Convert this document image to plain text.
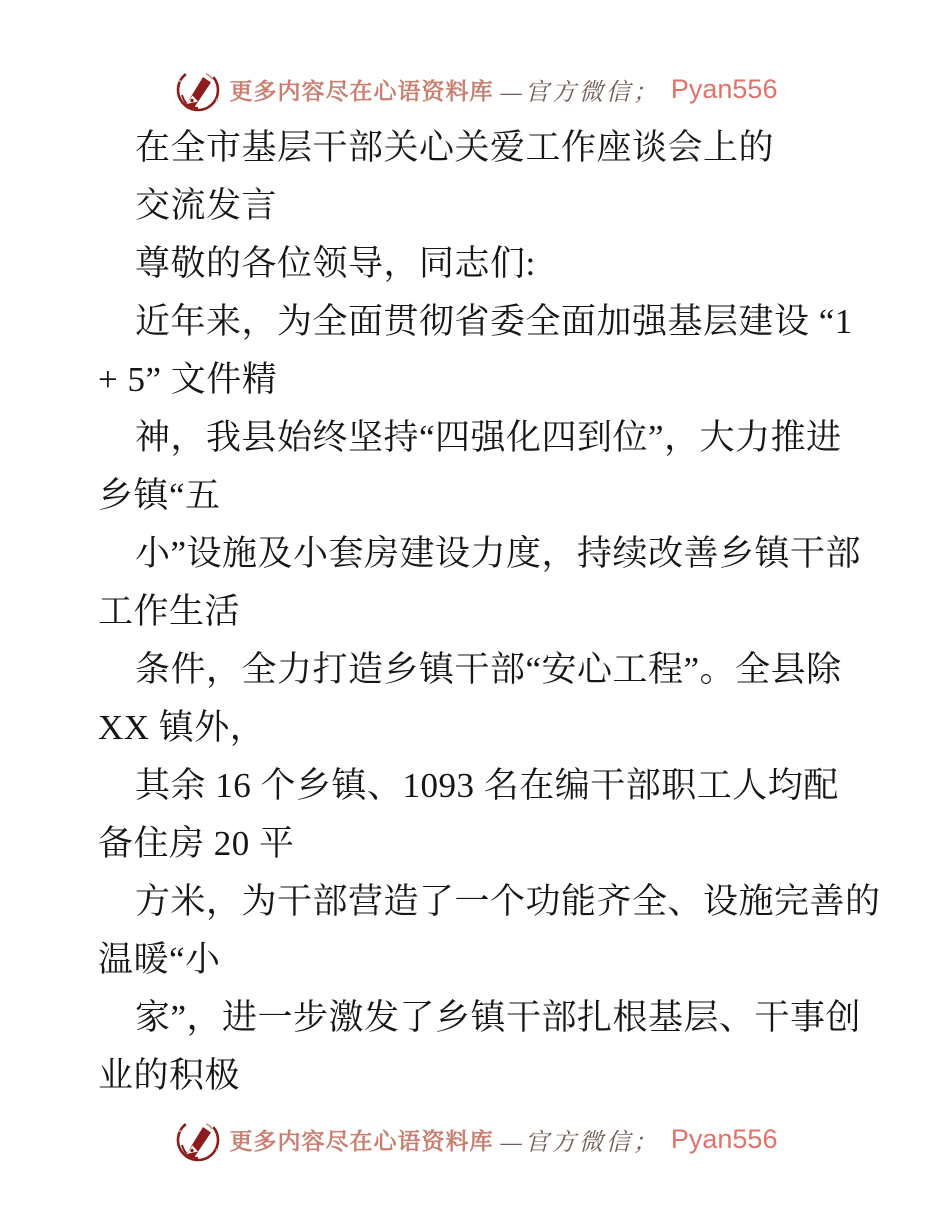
更多内容尽在心语资料库 —官方微信； Pyan556

在全市基层干部关心关爱工作座谈会上的

交流发言

尊敬的各位领导，同志们:

近年来，为全面贯彻省委全面加强基层建设 “1

+ 5” 文件精

神，我县始终坚持“四强化四到位”，大力推进

乡镇“五

小”设施及小套房建设力度，持续改善乡镇干部

工作生活

条件，全力打造乡镇干部“安心工程”。全县除

XX 镇外，

其余 16 个乡镇、1093 名在编干部职工人均配

备住房 20 平

方米，为干部营造了一个功能齐全、设施完善的

温暖“小

家”，进一步激发了乡镇干部扎根基层、干事创

业的积极

更多内容尽在心语资料库 —官方微信； Pyan556
